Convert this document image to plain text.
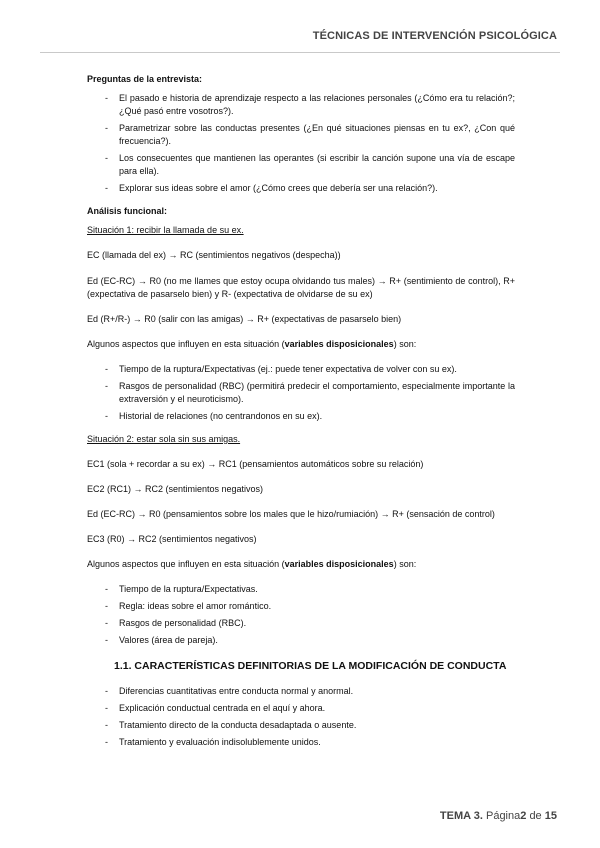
TÉCNICAS DE INTERVENCIÓN PSICOLÓGICA

Preguntas de la entrevista:

- El pasado e historia de aprendizaje respecto a las relaciones personales (¿Cómo era tu relación?; ¿Qué pasó entre vosotros?).
- Parametrizar sobre las conductas presentes (¿En qué situaciones piensas en tu ex?, ¿Con qué frecuencia?).
- Los consecuentes que mantienen las operantes (si escribir la canción supone una vía de escape para ella).
- Explorar sus ideas sobre el amor (¿Cómo crees que debería ser una relación?).

Análisis funcional:

Situación 1: recibir la llamada de su ex.

EC (llamada del ex) → RC (sentimientos negativos (despecha))

Ed (EC-RC) → R0 (no me llames que estoy ocupa olvidando tus males) → R+ (sentimiento de control), R+ (expectativa de pasarselo bien) y R- (expectativa de olvidarse de su ex)

Ed (R+/R-) → R0 (salir con las amigas) → R+ (expectativas de pasarselo bien)

Algunos aspectos que influyen en esta situación (variables disposicionales) son:

- Tiempo de la ruptura/Expectativas (ej.: puede tener expectativa de volver con su ex).
- Rasgos de personalidad (RBC) (permitirá predecir el comportamiento, especialmente importante la extraversión y el neuroticismo).
- Historial de relaciones (no centrandonos en su ex).

Situación 2: estar sola sin sus amigas.

EC1 (sola + recordar a su ex) → RC1 (pensamientos automáticos sobre su relación)

EC2 (RC1) → RC2 (sentimientos negativos)

Ed (EC-RC) → R0 (pensamientos sobre los males que le hizo/rumiación) → R+ (sensación de control)

EC3 (R0) → RC2 (sentimientos negativos)

Algunos aspectos que influyen en esta situación (variables disposicionales) son:

- Tiempo de la ruptura/Expectativas.
- Regla: ideas sobre el amor romántico.
- Rasgos de personalidad (RBC).
- Valores (área de pareja).

1.1. CARACTERÍSTICAS DEFINITORIAS DE LA MODIFICACIÓN DE CONDUCTA

- Diferencias cuantitativas entre conducta normal y anormal.
- Explicación conductual centrada en el aquí y ahora.
- Tratamiento directo de la conducta desadaptada o ausente.
- Tratamiento y evaluación indisolublemente unidos.
TEMA 3. Página2 de 15
